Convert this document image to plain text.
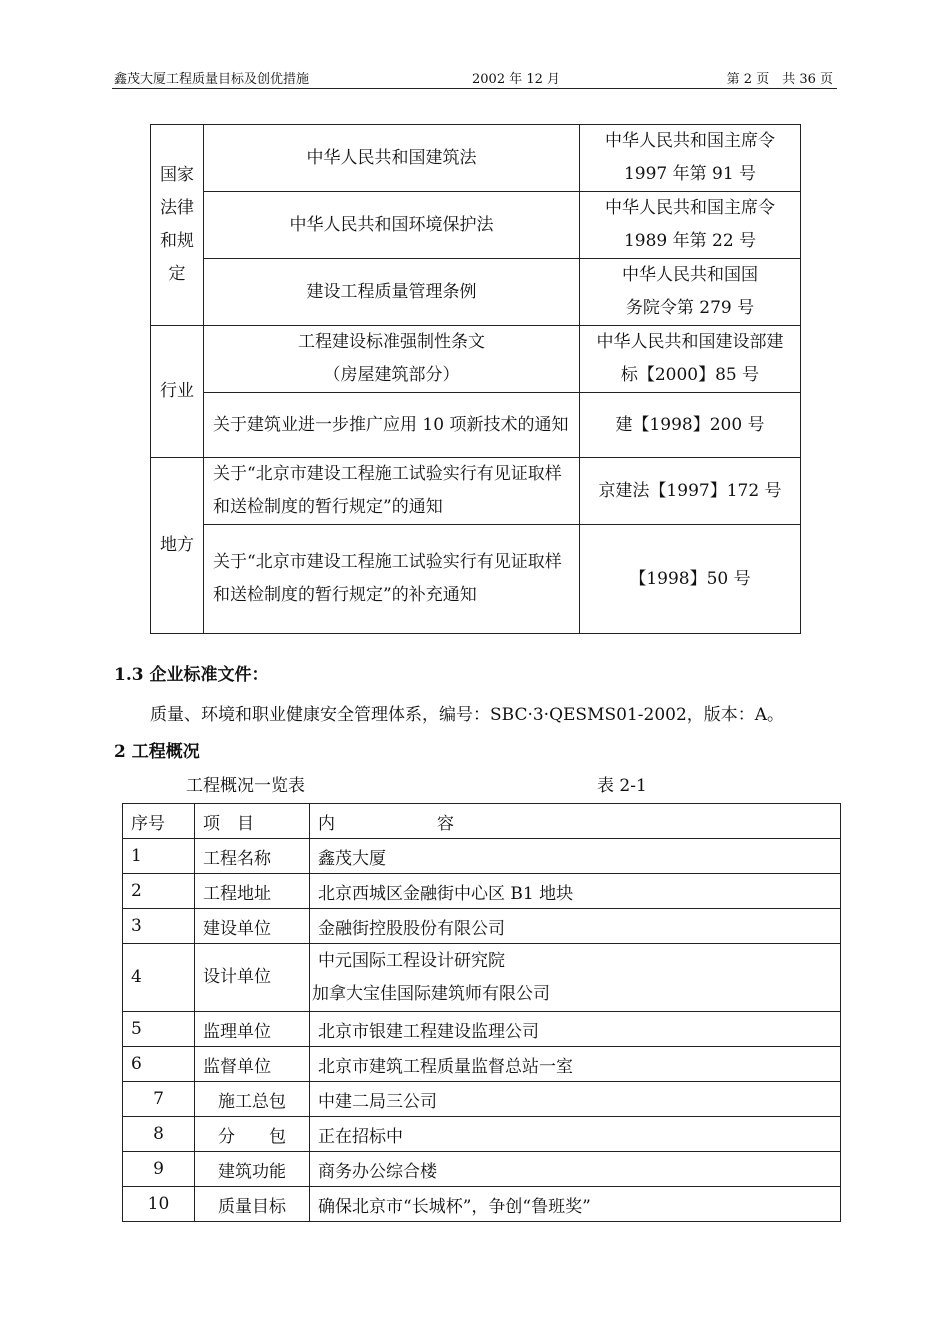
鑫茂大厦工程质量目标及创优措施	2002 年 12 月	第 2 页　共 36 页
国家法律和规定	中华人民共和国建筑法	中华人民共和国主席令1997 年第 91 号

	中华人民共和国环境保护法	中华人民共和国主席令1989 年第 22 号

	建设工程质量管理条例	中华人民共和国国务院令第 279 号

行业	工程建设标准强制性条文（房屋建筑部分）	中华人民共和国建设部建标【2000】85 号

	关于建筑业进一步推广应用 10 项新技术的通知	建【1998】200 号
地方	关于“北京市建设工程施工试验实行有见证取样和送检制度的暂行规定”的通知	京建法【1997】172 号
	关于“北京市建设工程施工试验实行有见证取样和送检制度的暂行规定”的补充通知	【1998】50 号
1.3 企业标准文件：
质量、环境和职业健康安全管理体系，编号：SBC·3·QESMS01-2002，版本：A。
2 工程概况
工程概况一览表	表 2-1
序号	项　目	内　　　　　　容
1	工程名称	鑫茂大厦
2	工程地址	北京西城区金融街中心区 B1 地块
3	建设单位	金融街控股股份有限公司
4	设计单位	中元国际工程设计研究院
加拿大宝佳国际建筑师有限公司

5	监理单位	北京市银建工程建设监理公司
6	监督单位	北京市建筑工程质量监督总站一室
7	施工总包	中建二局三公司
8	分　　包	正在招标中
9	建筑功能	商务办公综合楼
10	质量目标	确保北京市“长城杯”，争创“鲁班奖”
